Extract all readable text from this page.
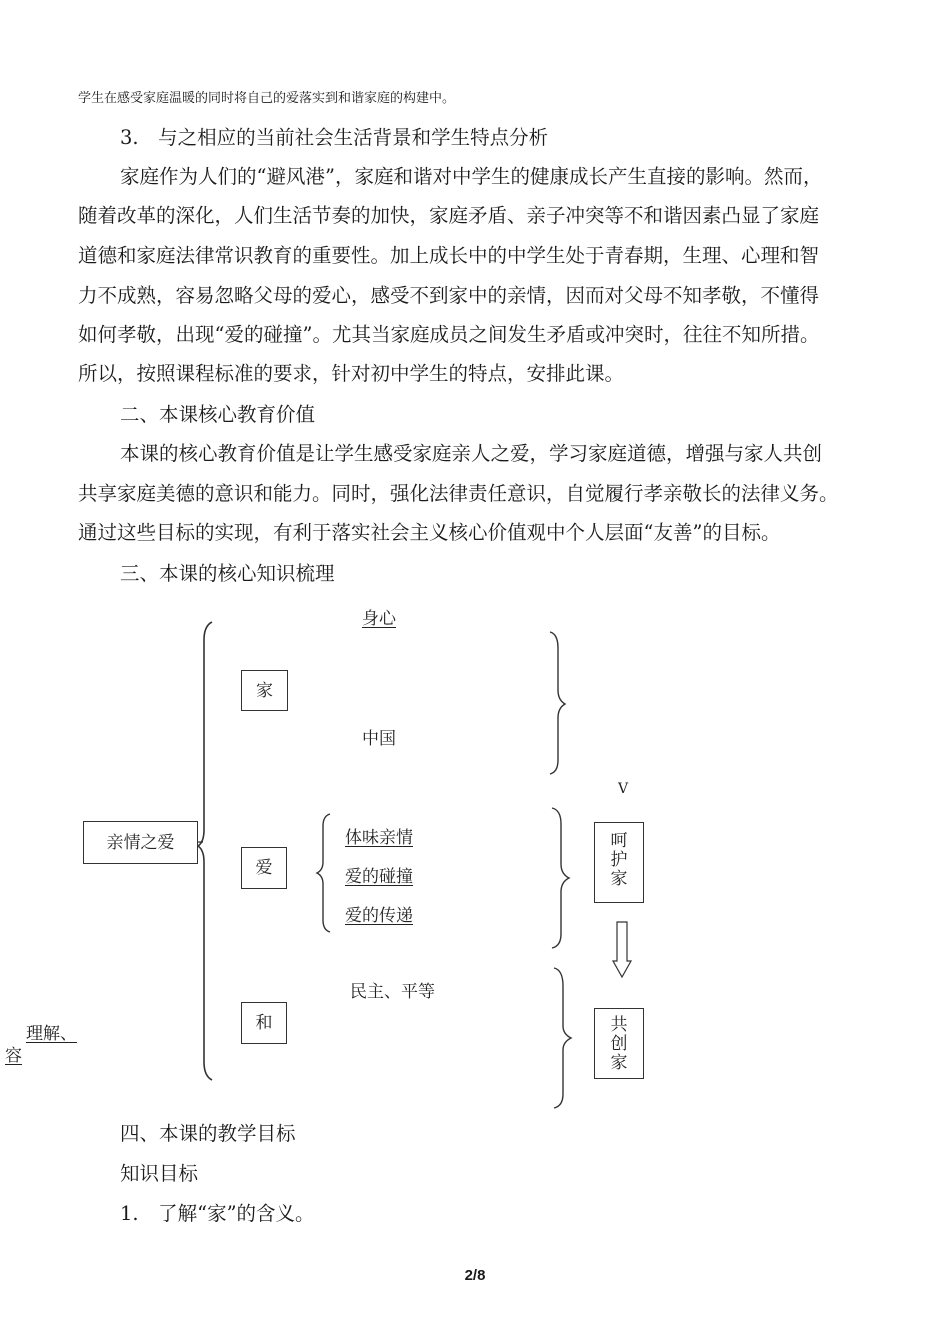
学生在感受家庭温暖的同时将自己的爱落实到和谐家庭的构建中。
3.　与之相应的当前社会生活背景和学生特点分析
家庭作为人们的“避风港”，家庭和谐对中学生的健康成长产生直接的影响。然而，
随着改革的深化，人们生活节奏的加快，家庭矛盾、亲子冲突等不和谐因素凸显了家庭
道德和家庭法律常识教育的重要性。加上成长中的中学生处于青春期，生理、心理和智
力不成熟，容易忽略父母的爱心，感受不到家中的亲情，因而对父母不知孝敬，不懂得
如何孝敬，出现“爱的碰撞”。尤其当家庭成员之间发生矛盾或冲突时，往往不知所措。
所以，按照课程标准的要求，针对初中学生的特点，安排此课。
二、本课核心教育价值
本课的核心教育价值是让学生感受家庭亲人之爱，学习家庭道德，增强与家人共创
共享家庭美德的意识和能力。同时，强化法律责任意识，自觉履行孝亲敬长的法律义务。
通过这些目标的实现，有利于落实社会主义核心价值观中个人层面“友善”的目标。
三、本课的核心知识梳理
亲情之爱
家
爱
和
身心
中国
V
体味亲情
爱的碰撞
爱的传递
民主、平等
理解、
容
呵
护
家
共
创
家
四、本课的教学目标
知识目标
1.　了解“家”的含义。
2/8
